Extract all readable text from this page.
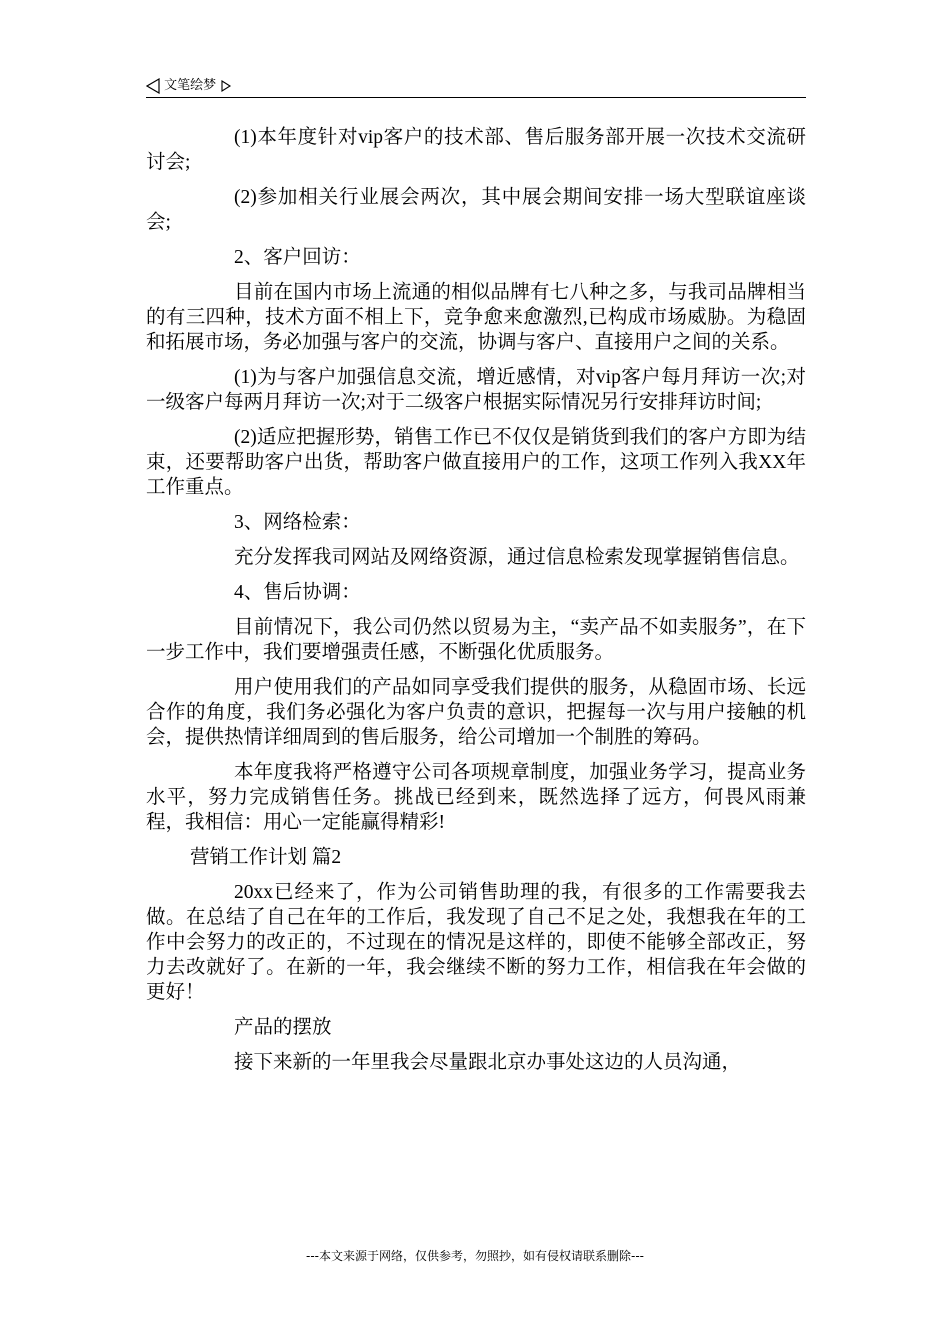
文笔绘梦

(1)本年度针对vip客户的技术部、售后服务部开展一次技术交流研讨会;

(2)参加相关行业展会两次，其中展会期间安排一场大型联谊座谈会;

2、客户回访：

目前在国内市场上流通的相似品牌有七八种之多，与我司品牌相当的有三四种，技术方面不相上下，竞争愈来愈激烈,已构成市场威胁。为稳固和拓展市场，务必加强与客户的交流，协调与客户、直接用户之间的关系。

(1)为与客户加强信息交流，增近感情，对vip客户每月拜访一次;对一级客户每两月拜访一次;对于二级客户根据实际情况另行安排拜访时间;

(2)适应把握形势，销售工作已不仅仅是销货到我们的客户方即为结束，还要帮助客户出货，帮助客户做直接用户的工作，这项工作列入我XX年工作重点。

3、网络检索：

充分发挥我司网站及网络资源，通过信息检索发现掌握销售信息。

4、售后协调：

目前情况下，我公司仍然以贸易为主，“卖产品不如卖服务”，在下一步工作中，我们要增强责任感，不断强化优质服务。

用户使用我们的产品如同享受我们提供的服务，从稳固市场、长远合作的角度，我们务必强化为客户负责的意识，把握每一次与用户接触的机会，提供热情详细周到的售后服务，给公司增加一个制胜的筹码。

本年度我将严格遵守公司各项规章制度，加强业务学习，提高业务水平，努力完成销售任务。挑战已经到来，既然选择了远方，何畏风雨兼程，我相信：用心一定能赢得精彩!

营销工作计划 篇2

20xx已经来了，作为公司销售助理的我，有很多的工作需要我去做。在总结了自己在年的工作后，我发现了自己不足之处，我想我在年的工作中会努力的改正的，不过现在的情况是这样的，即使不能够全部改正，努力去改就好了。在新的一年，我会继续不断的努力工作，相信我在年会做的更好！

产品的摆放

接下来新的一年里我会尽量跟北京办事处这边的人员沟通，

---本文来源于网络，仅供参考，勿照抄，如有侵权请联系删除---
